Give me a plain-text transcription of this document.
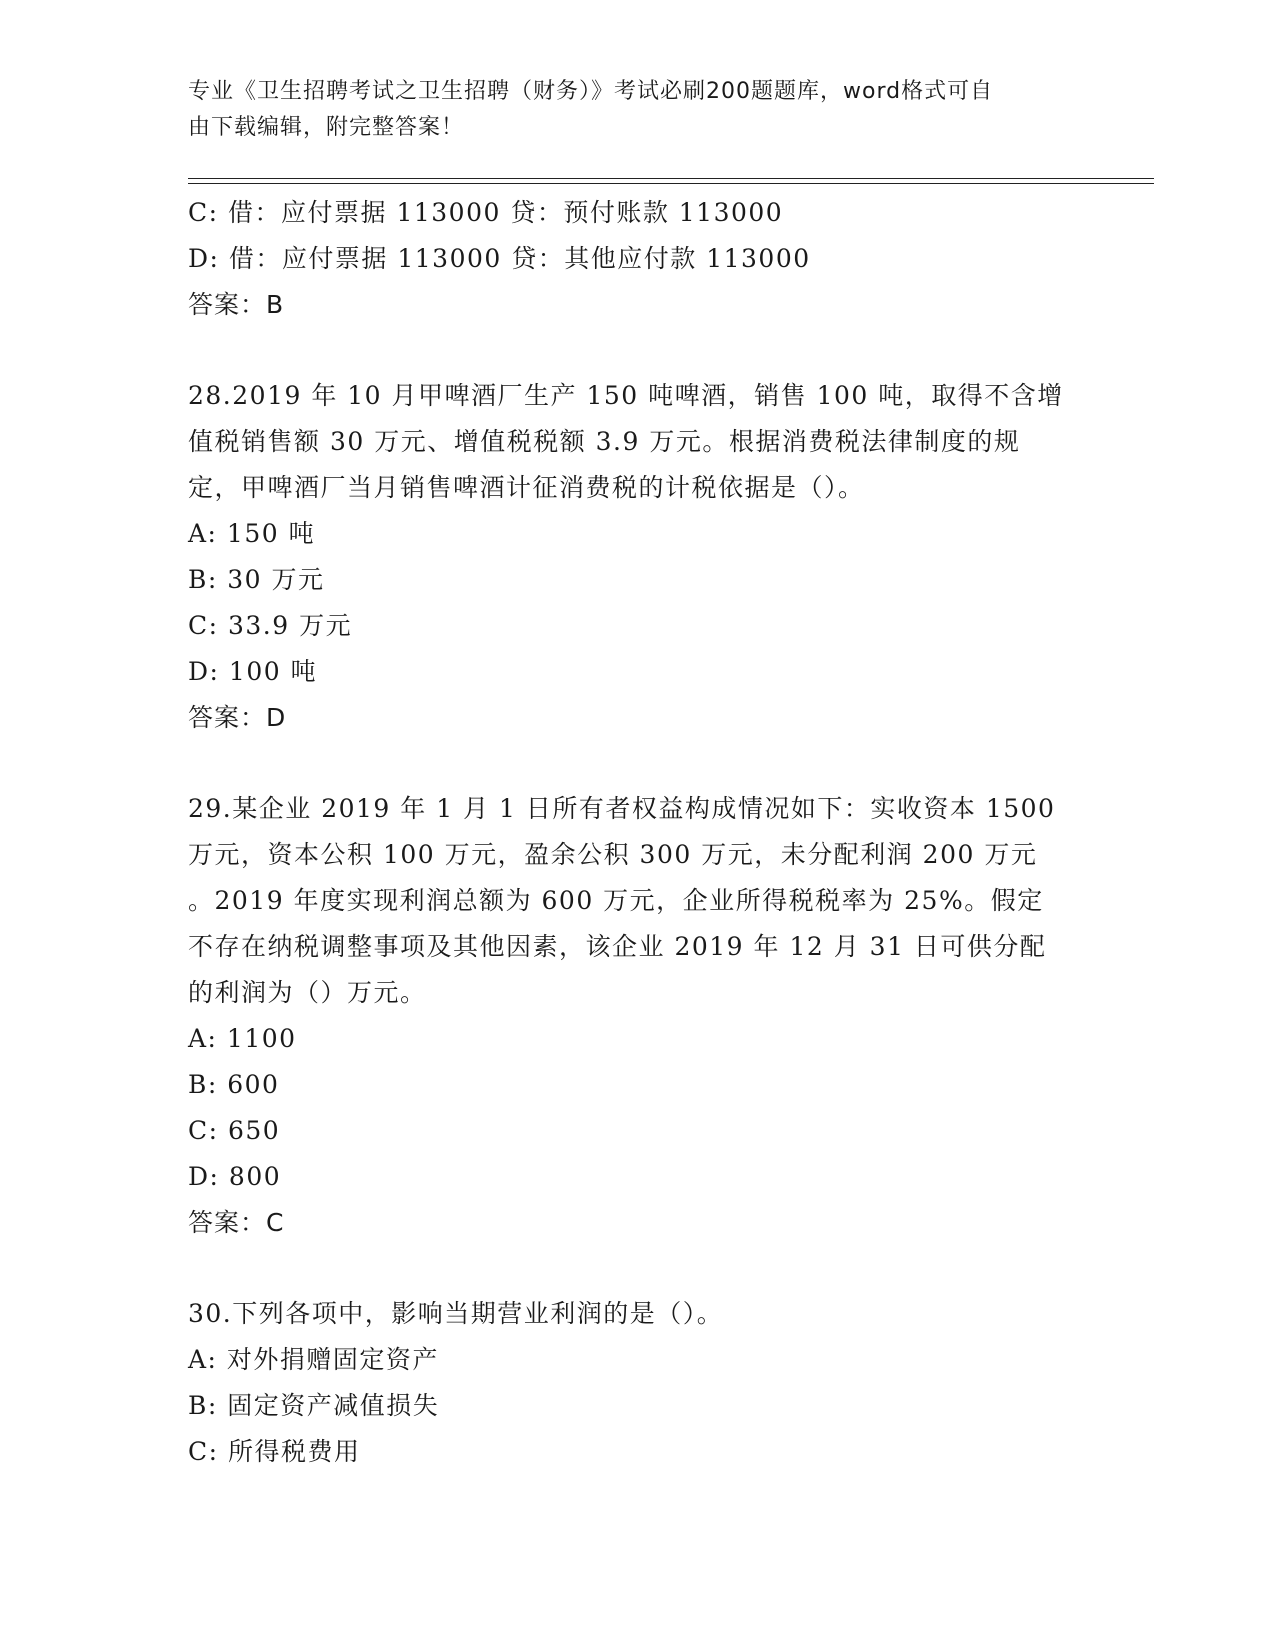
专业《卫生招聘考试之卫生招聘（财务）》考试必刷200题题库，word格式可自
由下载编辑，附完整答案！
C: 借：应付票据 113000 贷：预付账款 113000
D: 借：应付票据 113000 贷：其他应付款 113000
答案：B
28.2019 年 10 月甲啤酒厂生产 150 吨啤酒，销售 100 吨，取得不含增
值税销售额 30 万元、增值税税额 3.9 万元。根据消费税法律制度的规
定，甲啤酒厂当月销售啤酒计征消费税的计税依据是（）。
A: 150 吨
B: 30 万元
C: 33.9 万元
D: 100 吨
答案：D
29.某企业 2019 年 1 月 1 日所有者权益构成情况如下：实收资本 1500
万元，资本公积 100 万元，盈余公积 300 万元，未分配利润 200 万元
。2019 年度实现利润总额为 600 万元，企业所得税税率为 25%。假定
不存在纳税调整事项及其他因素，该企业 2019 年 12 月 31 日可供分配
的利润为（）万元。
A: 1100
B: 600
C: 650
D: 800
答案：C
30.下列各项中，影响当期营业利润的是（）。
A: 对外捐赠固定资产
B: 固定资产减值损失
C: 所得税费用
